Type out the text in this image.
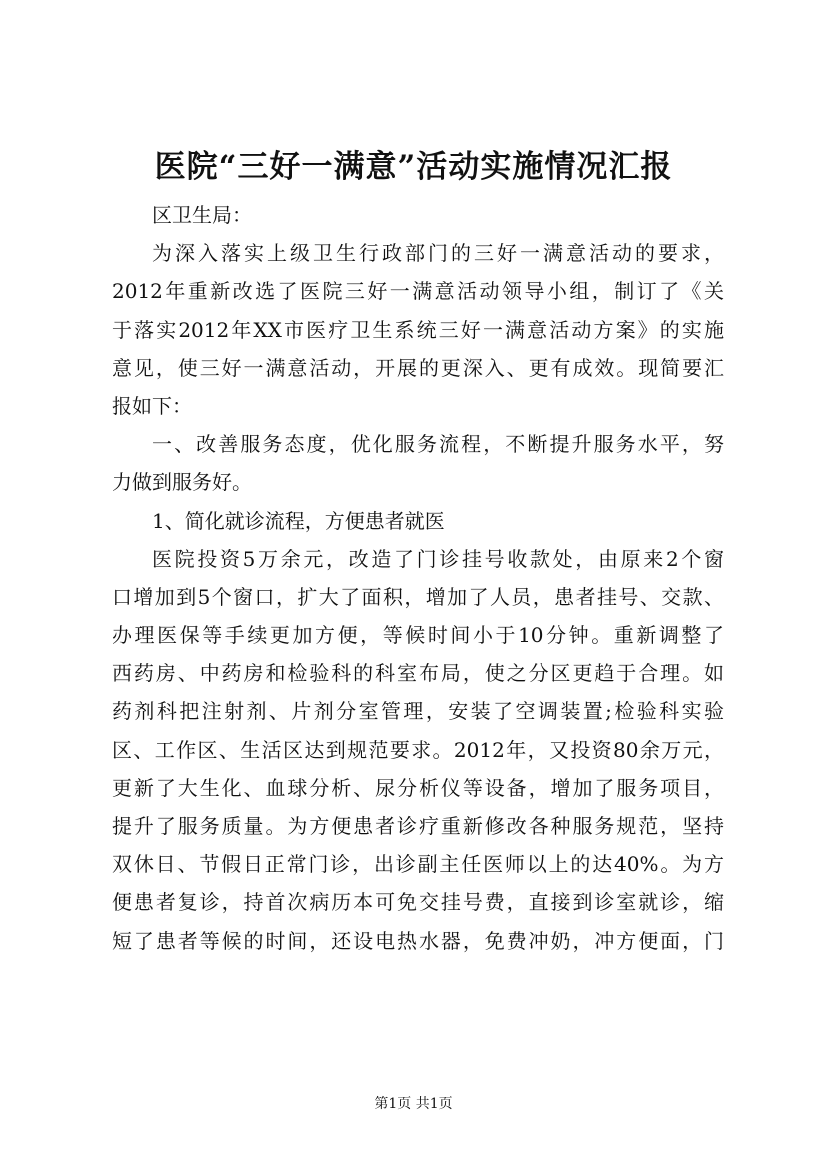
医院“三好一满意”活动实施情况汇报
区卫生局：
为深入落实上级卫生行政部门的三好一满意活动的要求，
2012年重新改选了医院三好一满意活动领导小组，制订了《关
于落实2012年XX市医疗卫生系统三好一满意活动方案》的实施
意见，使三好一满意活动，开展的更深入、更有成效。现简要汇
报如下：
一、改善服务态度，优化服务流程，不断提升服务水平，努
力做到服务好。
1、简化就诊流程，方便患者就医
医院投资5万余元，改造了门诊挂号收款处，由原来2个窗
口增加到5个窗口，扩大了面积，增加了人员，患者挂号、交款、
办理医保等手续更加方便，等候时间小于10分钟。重新调整了
西药房、中药房和检验科的科室布局，使之分区更趋于合理。如
药剂科把注射剂、片剂分室管理，安装了空调装置;检验科实验
区、工作区、生活区达到规范要求。2012年，又投资80余万元，
更新了大生化、血球分析、尿分析仪等设备，增加了服务项目，
提升了服务质量。为方便患者诊疗重新修改各种服务规范，坚持
双休日、节假日正常门诊，出诊副主任医师以上的达40%。为方
便患者复诊，持首次病历本可免交挂号费，直接到诊室就诊，缩
短了患者等候的时间，还设电热水器，免费冲奶，冲方便面，门
第1页 共1页
